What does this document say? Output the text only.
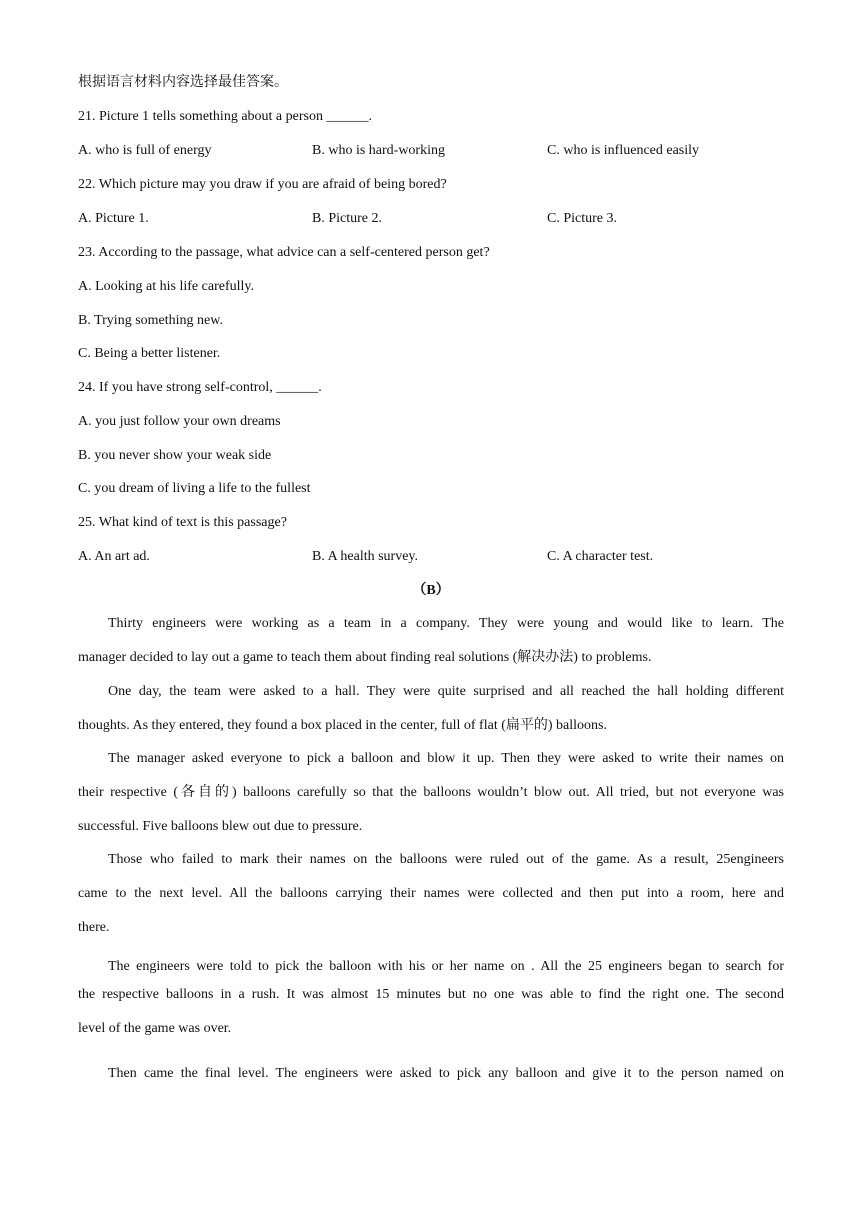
根据语言材料内容选择最佳答案。
21. Picture 1 tells something about a person ______.
A. who is full of energy	B. who is hard-working	C. who is influenced easily
22. Which picture may you draw if you are afraid of being bored?
A. Picture 1.	B. Picture 2.	C. Picture 3.
23. According to the passage, what advice can a self-centered person get?
A. Looking at his life carefully.
B. Trying something new.
C. Being a better listener.
24. If you have strong self-control, ______.
A. you just follow your own dreams
B. you never show your weak side
C. you dream of living a life to the fullest
25. What kind of text is this passage?
A. An art ad.	B. A health survey.	C. A character test.
（B）
Thirty engineers were working as a team in a company. They were young and would like to learn. The
manager decided to lay out a game to teach them about finding real solutions (解决办法) to problems.
One day, the team were asked to a hall. They were quite surprised and all reached the hall holding different
thoughts. As they entered, they found a box placed in the center, full of flat (扁平的) balloons.
The manager asked everyone to pick a balloon and blow it up. Then they were asked to write their names on
their respective (各自的) balloons carefully so that the balloons wouldn’t blow out. All tried, but not everyone was
successful. Five balloons blew out due to pressure.
Those who failed to mark their names on the balloons were ruled out of the game. As a result, 25engineers
came to the next level. All the balloons carrying their names were collected and then put into a room, here and
there.
The engineers were told to pick the balloon with his or her name on . All the 25 engineers began to search for
the respective balloons in a rush. It was almost 15 minutes but no one was able to find the right one. The second
level of the game was over.
Then came the final level. The engineers were asked to pick any balloon and give it to the person named on
